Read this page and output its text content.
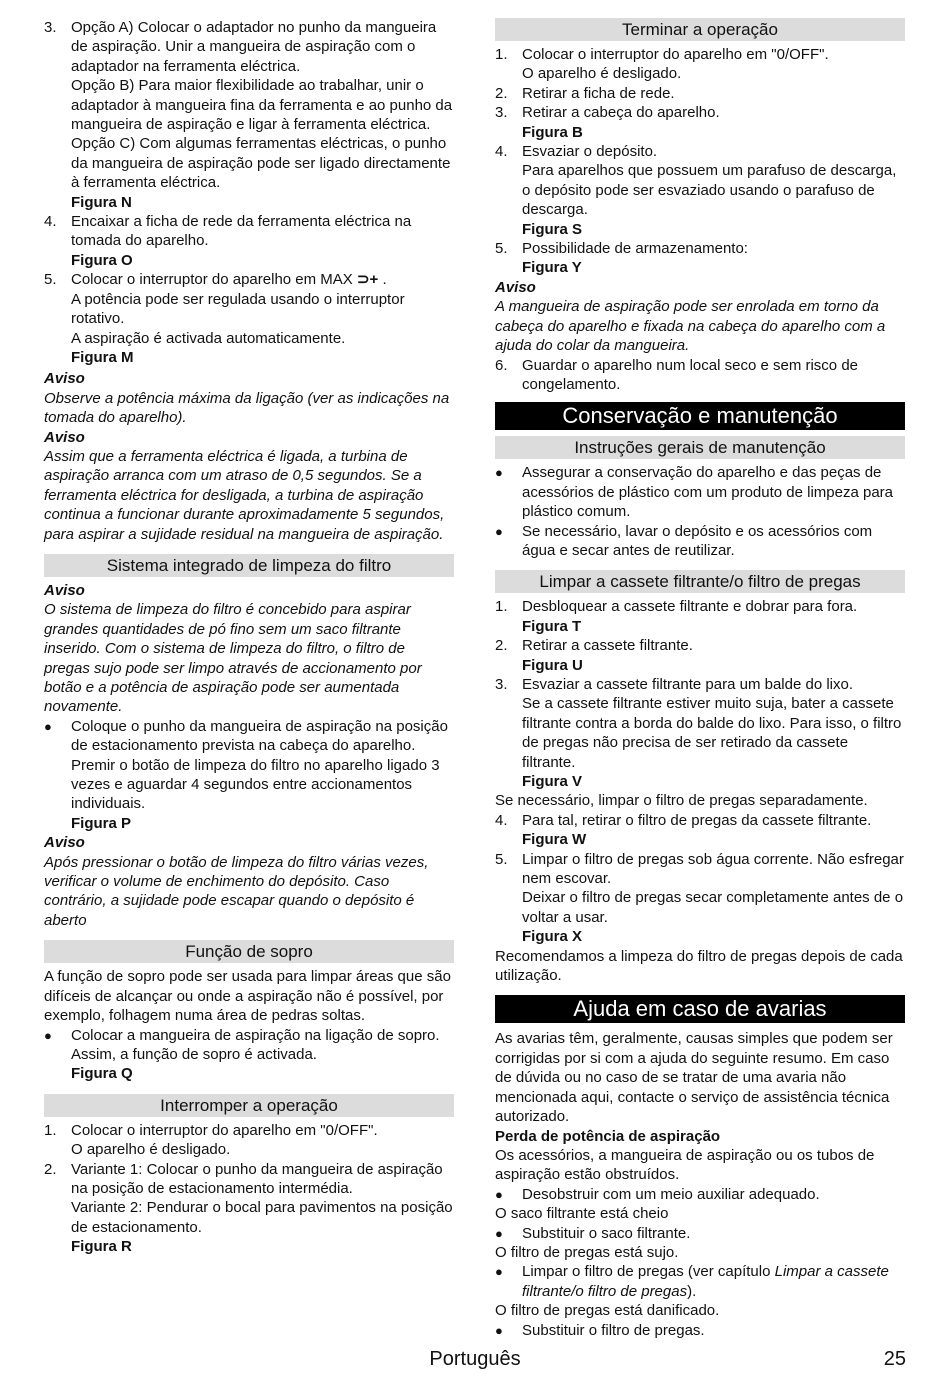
3. Opção A) Colocar o adaptador no punho da mangueira de aspiração. Unir a mangueira de aspiração com o adaptador na ferramenta eléctrica.

Opção B) Para maior flexibilidade ao trabalhar, unir o adaptador à mangueira fina da ferramenta e ao punho da mangueira de aspiração e ligar à ferramenta eléctrica.

Opção C) Com algumas ferramentas eléctricas, o punho da mangueira de aspiração pode ser ligado directamente à ferramenta eléctrica.

Figura N

4. Encaixar a ficha de rede da ferramenta eléctrica na tomada do aparelho.

Figura O

5. Colocar o interruptor do aparelho em MAX ⊃+ .

A potência pode ser regulada usando o interruptor rotativo.

A aspiração é activada automaticamente.

Figura M

Aviso

Observe a potência máxima da ligação (ver as indicações na tomada do aparelho).

Aviso

Assim que a ferramenta eléctrica é ligada, a turbina de aspiração arranca com um atraso de 0,5 segundos. Se a ferramenta eléctrica for desligada, a turbina de aspiração continua a funcionar durante aproximadamente 5 segundos, para aspirar a sujidade residual na mangueira de aspiração.

Sistema integrado de limpeza do filtro

Aviso

O sistema de limpeza do filtro é concebido para aspirar grandes quantidades de pó fino sem um saco filtrante inserido. Com o sistema de limpeza do filtro, o filtro de pregas sujo pode ser limpo através de accionamento por botão e a potência de aspiração pode ser aumentada novamente.

● Coloque o punho da mangueira de aspiração na posição de estacionamento prevista na cabeça do aparelho. Premir o botão de limpeza do filtro no aparelho ligado 3 vezes e aguardar 4 segundos entre accionamentos individuais.

Figura P

Aviso

Após pressionar o botão de limpeza do filtro várias vezes, verificar o volume de enchimento do depósito. Caso contrário, a sujidade pode escapar quando o depósito é aberto

Função de sopro

A função de sopro pode ser usada para limpar áreas que são difíceis de alcançar ou onde a aspiração não é possível, por exemplo, folhagem numa área de pedras soltas.

● Colocar a mangueira de aspiração na ligação de sopro. Assim, a função de sopro é activada.

Figura Q

Interromper a operação
1. Colocar o interruptor do aparelho em "0/OFF".

O aparelho é desligado.

2. Variante 1: Colocar o punho da mangueira de aspiração na posição de estacionamento intermédia.

Variante 2: Pendurar o bocal para pavimentos na posição de estacionamento.

Figura R

Terminar a operação
1. Colocar o interruptor do aparelho em "0/OFF".

O aparelho é desligado.

2. Retirar a ficha de rede.

3. Retirar a cabeça do aparelho.

Figura B

4. Esvaziar o depósito.

Para aparelhos que possuem um parafuso de descarga, o depósito pode ser esvaziado usando o parafuso de descarga.

Figura S

5. Possibilidade de armazenamento:

Figura Y

Aviso

A mangueira de aspiração pode ser enrolada em torno da cabeça do aparelho e fixada na cabeça do aparelho com a ajuda do colar da mangueira.

6. Guardar o aparelho num local seco e sem risco de congelamento.

Conservação e manutenção
Instruções gerais de manutenção

● Assegurar a conservação do aparelho e das peças de acessórios de plástico com um produto de limpeza para plástico comum.

● Se necessário, lavar o depósito e os acessórios com água e secar antes de reutilizar.

Limpar a cassete filtrante/o filtro de pregas
1. Desbloquear a cassete filtrante e dobrar para fora.

Figura T

2. Retirar a cassete filtrante.

Figura U

3. Esvaziar a cassete filtrante para um balde do lixo.

Se a cassete filtrante estiver muito suja, bater a cassete filtrante contra a borda do balde do lixo. Para isso, o filtro de pregas não precisa de ser retirado da cassete filtrante.

Figura V

Se necessário, limpar o filtro de pregas separadamente.

4. Para tal, retirar o filtro de pregas da cassete filtrante.

Figura W

5. Limpar o filtro de pregas sob água corrente. Não esfregar nem escovar.

Deixar o filtro de pregas secar completamente antes de o voltar a usar.

Figura X

Recomendamos a limpeza do filtro de pregas depois de cada utilização.

Ajuda em caso de avarias

As avarias têm, geralmente, causas simples que podem ser corrigidas por si com a ajuda do seguinte resumo. Em caso de dúvida ou no caso de se tratar de uma avaria não mencionada aqui, contacte o serviço de assistência técnica autorizado.

Perda de potência de aspiração

Os acessórios, a mangueira de aspiração ou os tubos de aspiração estão obstruídos.

● Desobstruir com um meio auxiliar adequado.

O saco filtrante está cheio

● Substituir o saco filtrante.

O filtro de pregas está sujo.

● Limpar o filtro de pregas (ver capítulo Limpar a cassete filtrante/o filtro de pregas).

O filtro de pregas está danificado.

● Substituir o filtro de pregas.

Português	25
